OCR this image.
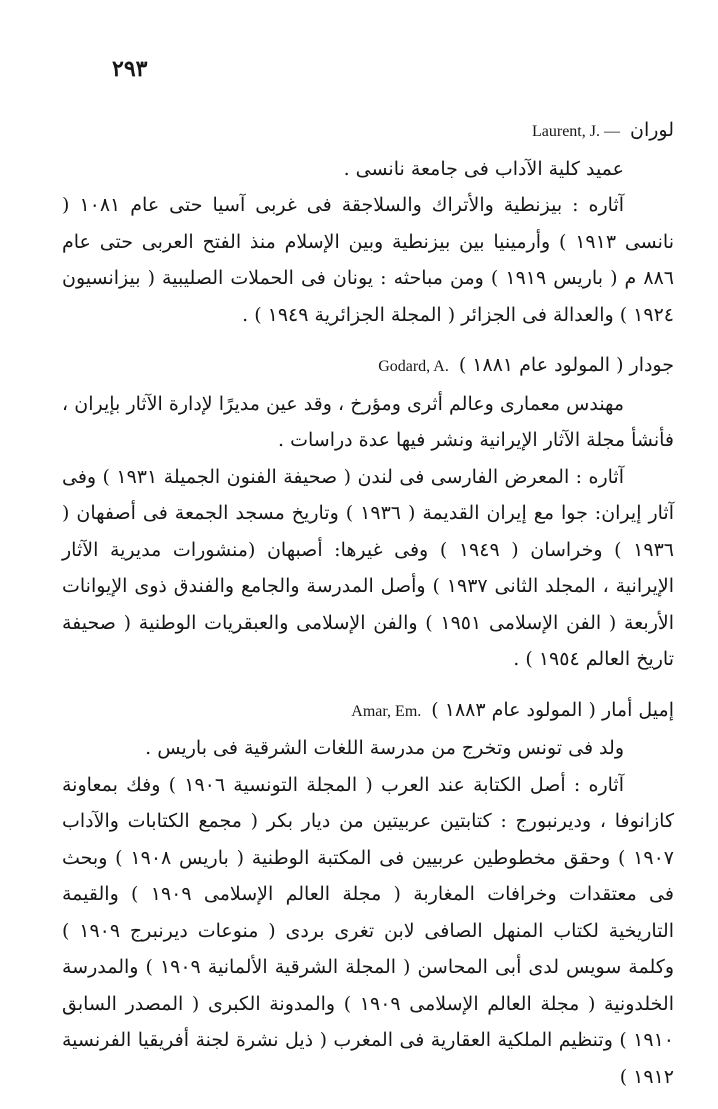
٢٩٣
لوران
Laurent, J. —

عميد كلية الآداب فى جامعة نانسى .

آثاره : بيزنطية والأتراك والسلاجقة فى غربى آسيا حتى عام ١٠٨١ ( نانسى ١٩١٣ ) وأرمينيا بين بيزنطية وبين الإسلام منذ الفتح العربى حتى عام ٨٨٦ م ( باريس ١٩١٩ ) ومن مباحثه : يونان فى الحملات الصليبية ( بيزانسيون ١٩٢٤ ) والعدالة فى الجزائر ( المجلة الجزائرية ١٩٤٩ ) .

جودار ( المولود عام ١٨٨١ )
Godard, A.

مهندس معمارى وعالم أثرى ومؤرخ ، وقد عين مديرًا لإدارة الآثار بإيران ، فأنشأ مجلة الآثار الإيرانية ونشر فيها عدة دراسات .

آثاره : المعرض الفارسى فى لندن ( صحيفة الفنون الجميلة ١٩٣١ ) وفى آثار إيران: جوا مع إيران القديمة ( ١٩٣٦ ) وتاريخ مسجد الجمعة فى أصفهان ( ١٩٣٦ ) وخراسان ( ١٩٤٩ ) وفى غيرها: أصبهان (منشورات مديرية الآثار الإيرانية ، المجلد الثانى ١٩٣٧ ) وأصل المدرسة والجامع والفندق ذوى الإيوانات الأربعة ( الفن الإسلامى ١٩٥١ ) والفن الإسلامى والعبقريات الوطنية ( صحيفة تاريخ العالم ١٩٥٤ ) .

إميل أمار ( المولود عام ١٨٨٣ )
Amar, Em.

ولد فى تونس وتخرج من مدرسة اللغات الشرقية فى باريس .

آثاره : أصل الكتابة عند العرب ( المجلة التونسية ١٩٠٦ ) وفك بمعاونة كازانوفا ، وديرنبورج : كتابتين عربيتين من ديار بكر ( مجمع الكتابات والآداب ١٩٠٧ ) وحقق مخطوطين عربيين فى المكتبة الوطنية ( باريس ١٩٠٨ ) وبحث فى معتقدات وخرافات المغاربة ( مجلة العالم الإسلامى ١٩٠٩ ) والقيمة التاريخية لكتاب المنهل الصافى لابن تغرى بردى ( منوعات ديرنبرج ١٩٠٩ ) وكلمة سويس لدى أبى المحاسن ( المجلة الشرقية الألمانية ١٩٠٩ ) والمدرسة الخلدونية ( مجلة العالم الإسلامى ١٩٠٩ ) والمدونة الكبرى ( المصدر السابق ١٩١٠ ) وتنظيم الملكية العقارية فى المغرب ( ذيل نشرة لجنة أفريقيا الفرنسية ١٩١٢ )
